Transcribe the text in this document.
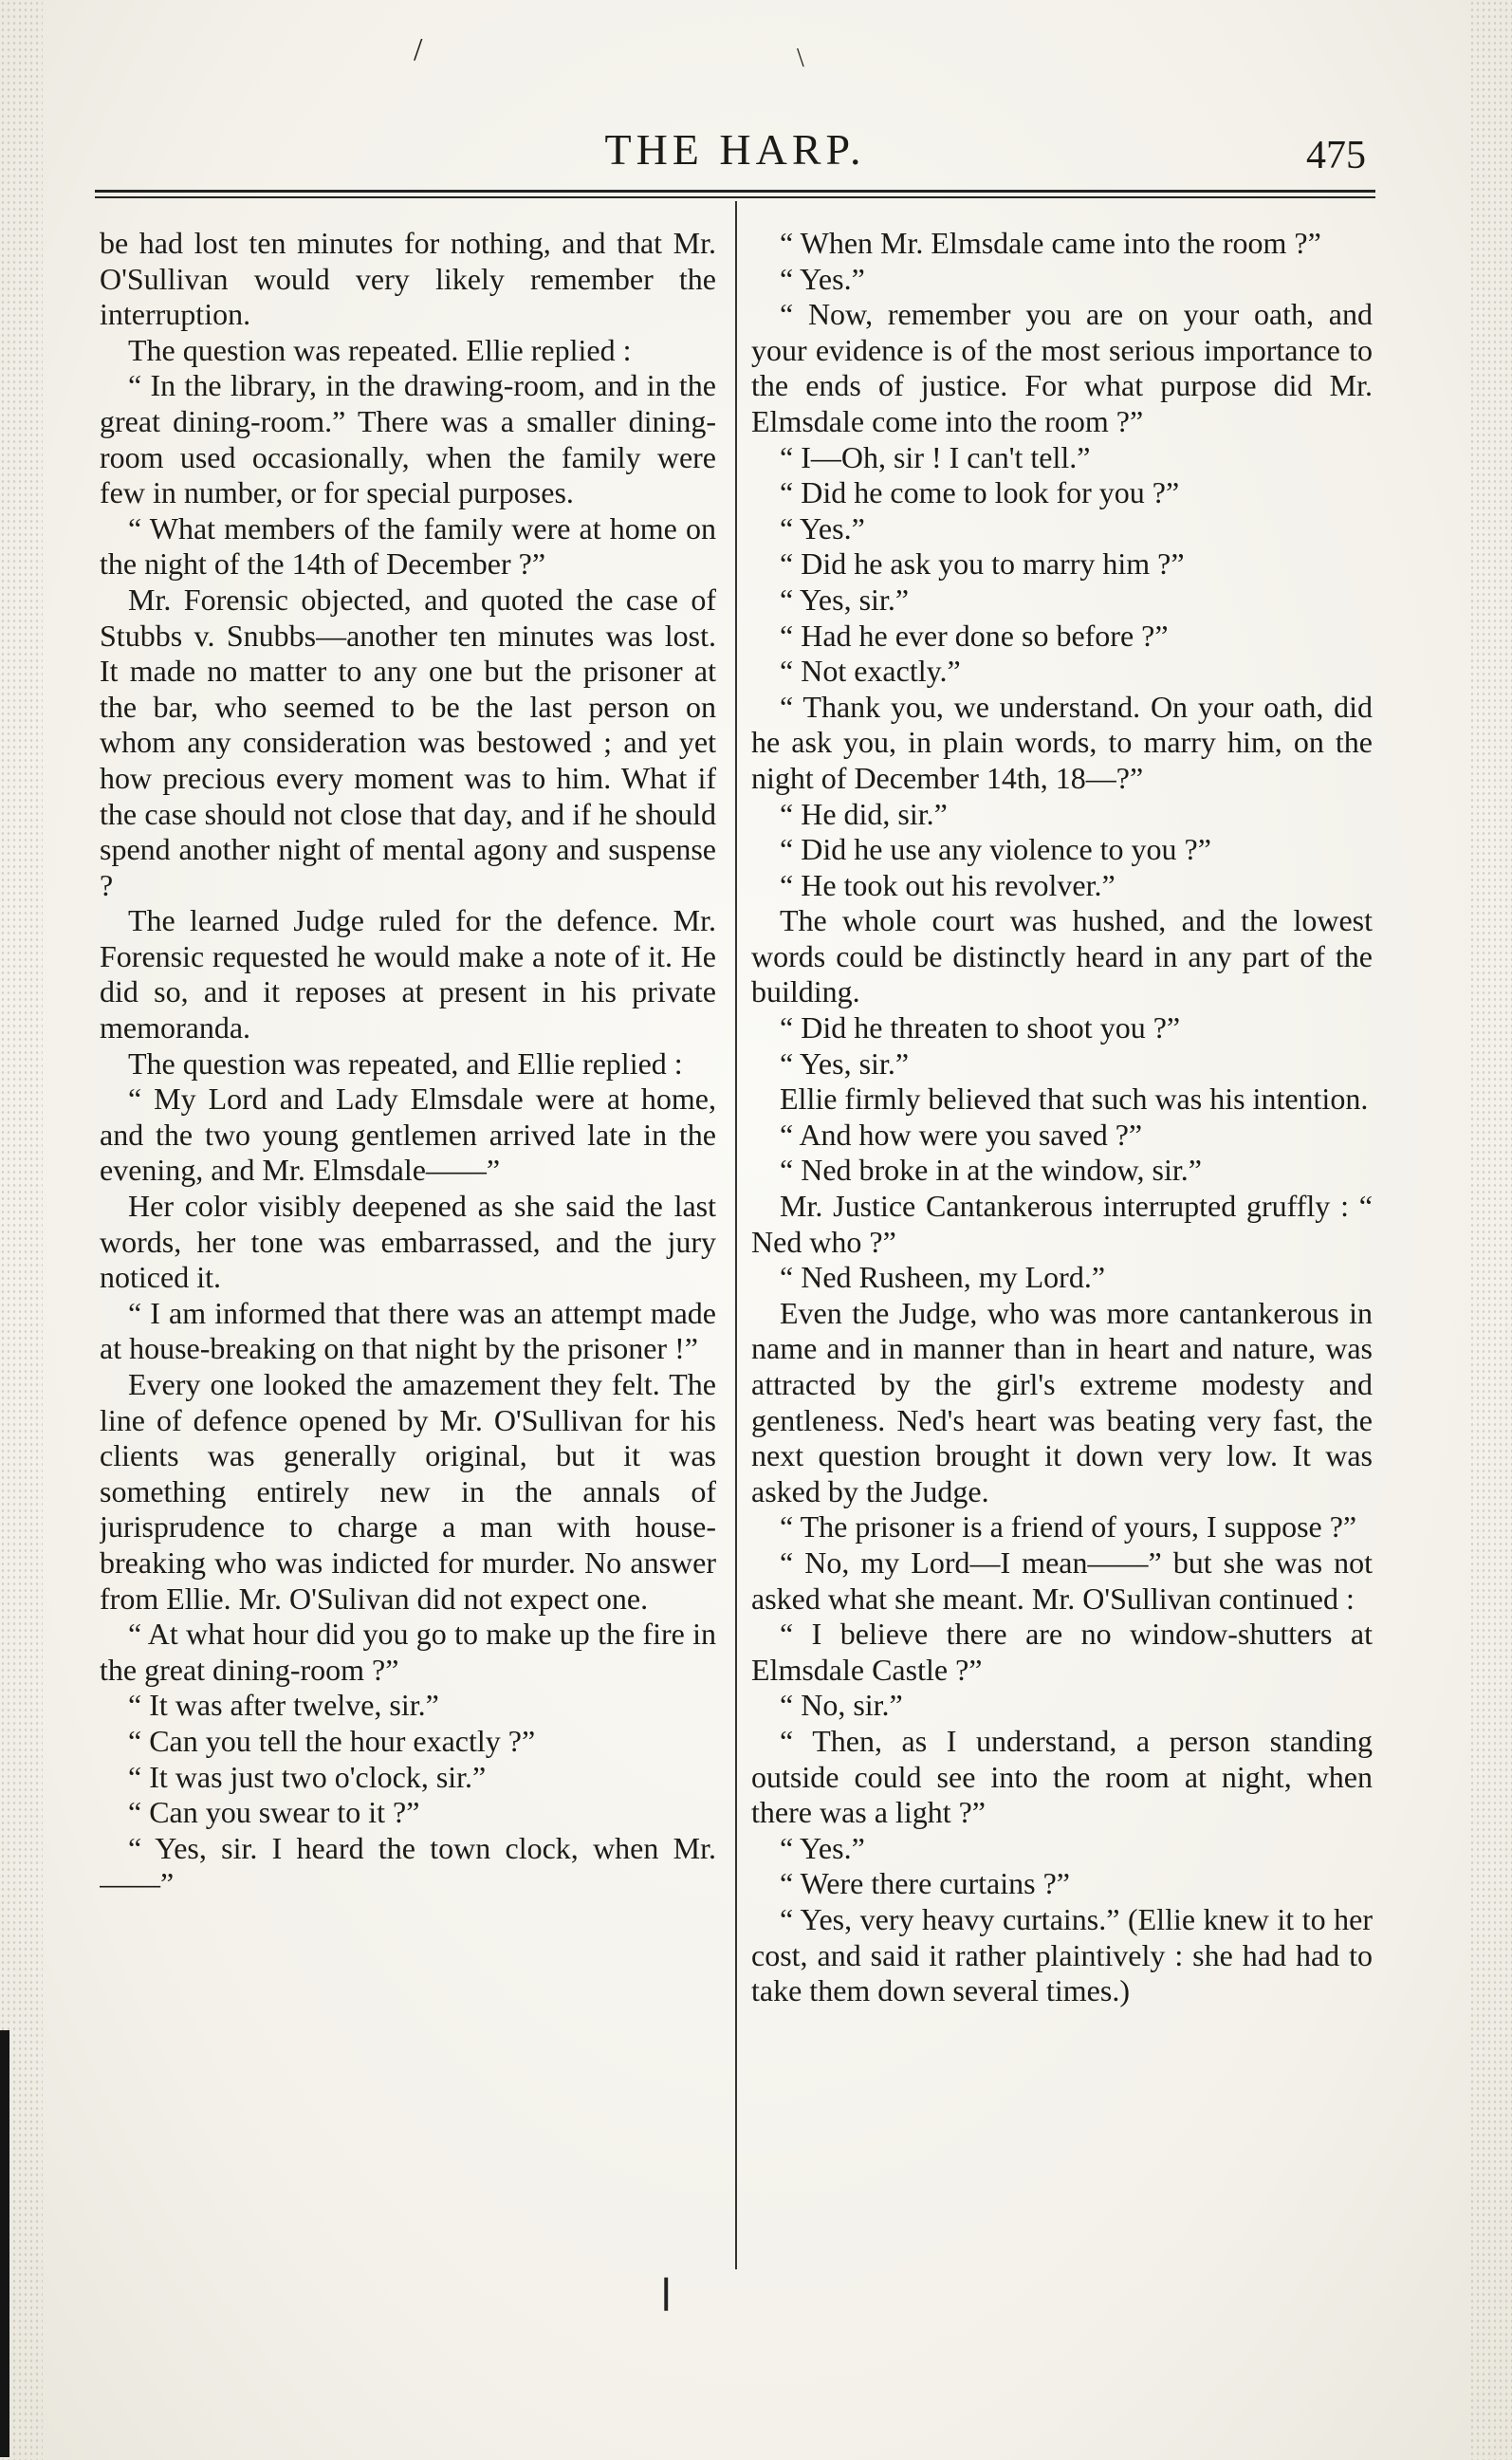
/	\
THE HARP.	475

be had lost ten minutes for nothing, and that Mr. O'Sullivan would very likely remember the interruption.

The question was repeated. Ellie replied :

“ In the library, in the drawing-room, and in the great dining-room.” There was a smaller dining-room used occasionally, when the family were few in number, or for special purposes.

“ What members of the family were at home on the night of the 14th of December ?”

Mr. Forensic objected, and quoted the case of Stubbs v. Snubbs—another ten minutes was lost. It made no matter to any one but the prisoner at the bar, who seemed to be the last person on whom any consideration was bestowed ; and yet how precious every moment was to him. What if the case should not close that day, and if he should spend another night of mental agony and suspense ?

The learned Judge ruled for the defence. Mr. Forensic requested he would make a note of it. He did so, and it reposes at present in his private memoranda.

The question was repeated, and Ellie replied :

“ My Lord and Lady Elmsdale were at home, and the two young gentlemen arrived late in the evening, and Mr. Elmsdale——”

Her color visibly deepened as she said the last words, her tone was embarrassed, and the jury noticed it.

“ I am informed that there was an attempt made at house-breaking on that night by the prisoner !”

Every one looked the amazement they felt. The line of defence opened by Mr. O'Sullivan for his clients was generally original, but it was something entirely new in the annals of jurisprudence to charge a man with house-breaking who was indicted for murder. No answer from Ellie. Mr. O'Sulivan did not expect one.

“ At what hour did you go to make up the fire in the great dining-room ?”

“ It was after twelve, sir.”

“ Can you tell the hour exactly ?”

“ It was just two o'clock, sir.”

“ Can you swear to it ?”

“ Yes, sir. I heard the town clock, when Mr.——”

“ When Mr. Elmsdale came into the room ?”

“ Yes.”

“ Now, remember you are on your oath, and your evidence is of the most serious importance to the ends of justice. For what purpose did Mr. Elmsdale come into the room ?”

“ I—Oh, sir ! I can't tell.”

“ Did he come to look for you ?”

“ Yes.”

“ Did he ask you to marry him ?”

“ Yes, sir.”

“ Had he ever done so before ?”

“ Not exactly.”

“ Thank you, we understand. On your oath, did he ask you, in plain words, to marry him, on the night of December 14th, 18—?”

“ He did, sir.”

“ Did he use any violence to you ?”

“ He took out his revolver.”

The whole court was hushed, and the lowest words could be distinctly heard in any part of the building.

“ Did he threaten to shoot you ?”

“ Yes, sir.”

Ellie firmly believed that such was his intention.

“ And how were you saved ?”

“ Ned broke in at the window, sir.”

Mr. Justice Cantankerous interrupted gruffly : “ Ned who ?”

“ Ned Rusheen, my Lord.”

Even the Judge, who was more cantankerous in name and in manner than in heart and nature, was attracted by the girl's extreme modesty and gentleness. Ned's heart was beating very fast, the next question brought it down very low. It was asked by the Judge.

“ The prisoner is a friend of yours, I suppose ?”

“ No, my Lord—I mean——” but she was not asked what she meant. Mr. O'Sullivan continued :

“ I believe there are no window-shutters at Elmsdale Castle ?”

“ No, sir.”

“ Then, as I understand, a person standing outside could see into the room at night, when there was a light ?”

“ Yes.”

“ Were there curtains ?”

“ Yes, very heavy curtains.” (Ellie knew it to her cost, and said it rather plaintively : she had had to take them down several times.)

❘
